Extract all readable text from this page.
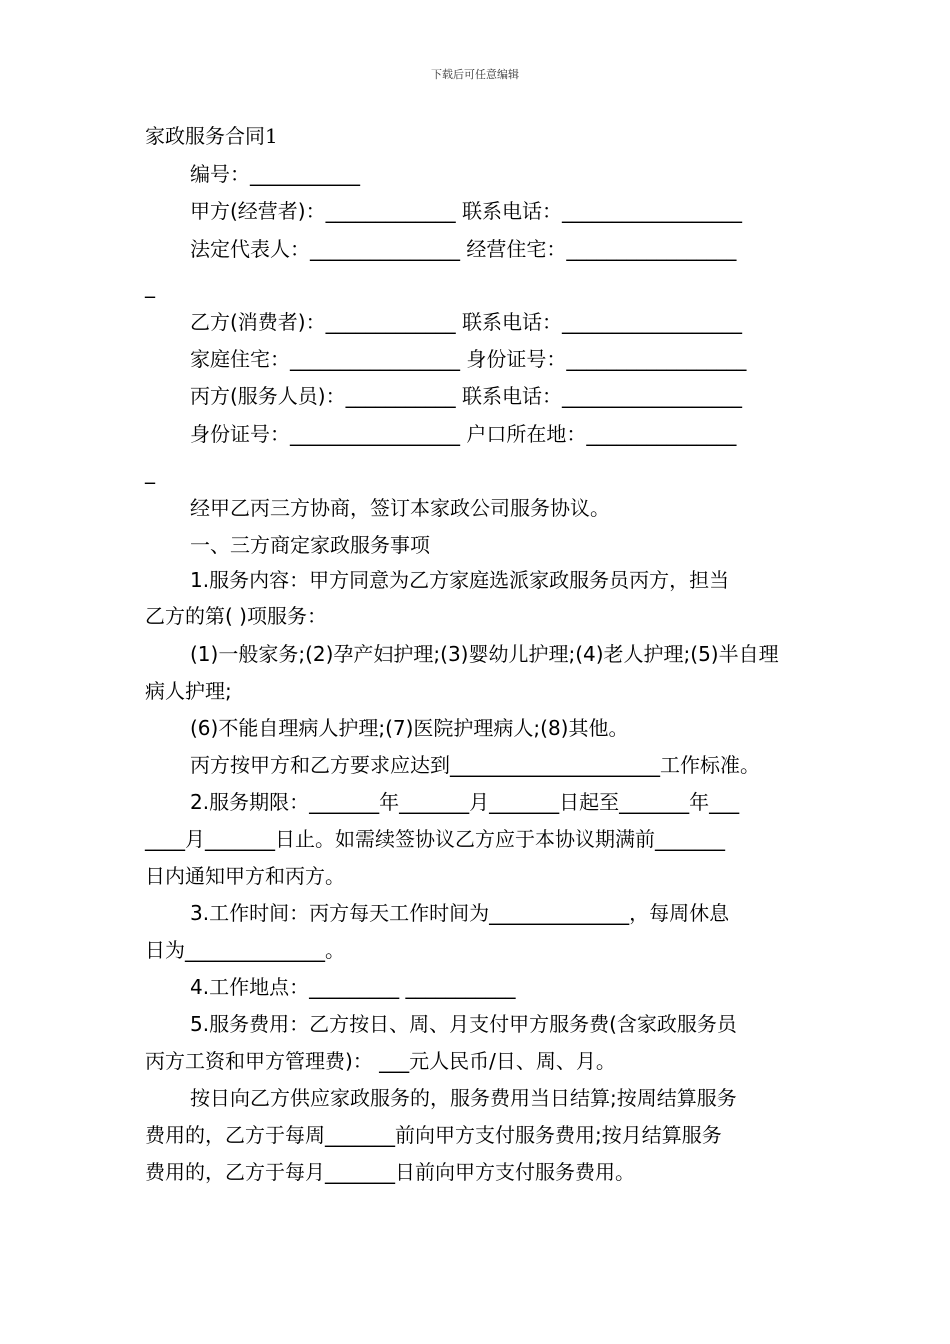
下载后可任意编辑
家政服务合同1
编号：___________
甲方(经营者)：_____________ 联系电话：__________________
法定代表人：_______________ 经营住宅：_________________
_
乙方(消费者)：_____________ 联系电话：__________________
家庭住宅：_________________ 身份证号：__________________
丙方(服务人员)：___________ 联系电话：__________________
身份证号：_________________ 户口所在地：_______________
_
经甲乙丙三方协商，签订本家政公司服务协议。
一、三方商定家政服务事项
1.服务内容：甲方同意为乙方家庭选派家政服务员丙方，担当
乙方的第( )项服务：
(1)一般家务;(2)孕产妇护理;(3)婴幼儿护理;(4)老人护理;(5)半自理
病人护理;
(6)不能自理病人护理;(7)医院护理病人;(8)其他。
丙方按甲方和乙方要求应达到_____________________工作标准。
2.服务期限：_______年_______月_______日起至_______年___
____月_______日止。如需续签协议乙方应于本协议期满前_______
日内通知甲方和丙方。
3.工作时间：丙方每天工作时间为______________，每周休息
日为______________。
4.工作地点：_________ ___________
5.服务费用：乙方按日、周、月支付甲方服务费(含家政服务员
丙方工资和甲方管理费)： ___元人民币/日、周、月。
按日向乙方供应家政服务的，服务费用当日结算;按周结算服务
费用的，乙方于每周_______前向甲方支付服务费用;按月结算服务
费用的，乙方于每月_______日前向甲方支付服务费用。
